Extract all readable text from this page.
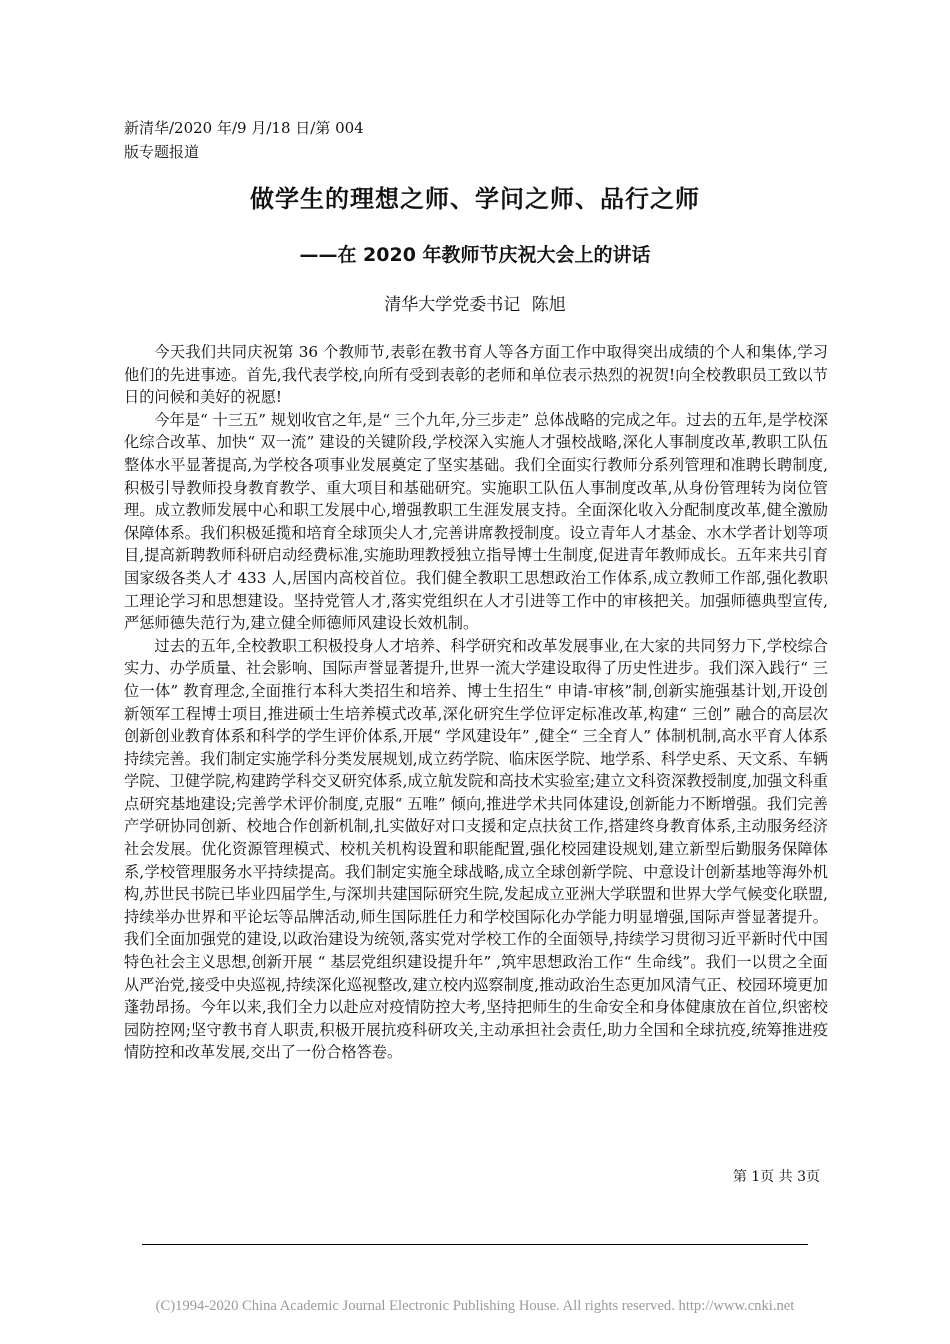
新清华/2020 年/9 月/18 日/第 004
版专题报道
做学生的理想之师、学问之师、品行之师
——在 2020 年教师节庆祝大会上的讲话
清华大学党委书记 陈旭

今天我们共同庆祝第 36 个教师节,表彰在教书育人等各方面工作中取得突出成绩的个人和集体,学习他们的先进事迹。首先,我代表学校,向所有受到表彰的老师和单位表示热烈的祝贺!向全校教职员工致以节日的问候和美好的祝愿!

今年是“ 十三五” 规划收官之年,是“ 三个九年,分三步走” 总体战略的完成之年。过去的五年,是学校深化综合改革、加快“ 双一流” 建设的关键阶段,学校深入实施人才强校战略,深化人事制度改革,教职工队伍整体水平显著提高,为学校各项事业发展奠定了坚实基础。我们全面实行教师分系列管理和准聘长聘制度,积极引导教师投身教育教学、重大项目和基础研究。实施职工队伍人事制度改革,从身份管理转为岗位管理。成立教师发展中心和职工发展中心,增强教职工生涯发展支持。全面深化收入分配制度改革,健全激励保障体系。我们积极延揽和培育全球顶尖人才,完善讲席教授制度。设立青年人才基金、水木学者计划等项目,提高新聘教师科研启动经费标准,实施助理教授独立指导博士生制度,促进青年教师成长。五年来共引育国家级各类人才 433 人,居国内高校首位。我们健全教职工思想政治工作体系,成立教师工作部,强化教职工理论学习和思想建设。坚持党管人才,落实党组织在人才引进等工作中的审核把关。加强师德典型宣传,严惩师德失范行为,建立健全师德师风建设长效机制。

过去的五年,全校教职工积极投身人才培养、科学研究和改革发展事业,在大家的共同努力下,学校综合实力、办学质量、社会影响、国际声誉显著提升,世界一流大学建设取得了历史性进步。我们深入践行“ 三位一体” 教育理念,全面推行本科大类招生和培养、博士生招生“ 申请-审核”制,创新实施强基计划,开设创新领军工程博士项目,推进硕士生培养模式改革,深化研究生学位评定标准改革,构建“ 三创” 融合的高层次创新创业教育体系和科学的学生评价体系,开展“ 学风建设年” ,健全“ 三全育人” 体制机制,高水平育人体系持续完善。我们制定实施学科分类发展规划,成立药学院、临床医学院、地学系、科学史系、天文系、车辆学院、卫健学院,构建跨学科交叉研究体系,成立航发院和高技术实验室;建立文科资深教授制度,加强文科重点研究基地建设;完善学术评价制度,克服“ 五唯” 倾向,推进学术共同体建设,创新能力不断增强。我们完善产学研协同创新、校地合作创新机制,扎实做好对口支援和定点扶贫工作,搭建终身教育体系,主动服务经济社会发展。优化资源管理模式、校机关机构设置和职能配置,强化校园建设规划,建立新型后勤服务保障体系,学校管理服务水平持续提高。我们制定实施全球战略,成立全球创新学院、中意设计创新基地等海外机构,苏世民书院已毕业四届学生,与深圳共建国际研究生院,发起成立亚洲大学联盟和世界大学气候变化联盟,持续举办世界和平论坛等品牌活动,师生国际胜任力和学校国际化办学能力明显增强,国际声誉显著提升。我们全面加强党的建设,以政治建设为统领,落实党对学校工作的全面领导,持续学习贯彻习近平新时代中国特色社会主义思想,创新开展 “ 基层党组织建设提升年” ,筑牢思想政治工作“ 生命线”。我们一以贯之全面从严治党,接受中央巡视,持续深化巡视整改,建立校内巡察制度,推动政治生态更加风清气正、校园环境更加蓬勃昂扬。今年以来,我们全力以赴应对疫情防控大考,坚持把师生的生命安全和身体健康放在首位,织密校园防控网;坚守教书育人职责,积极开展抗疫科研攻关,主动承担社会责任,助力全国和全球抗疫,统筹推进疫情防控和改革发展,交出了一份合格答卷。

第 1页 共 3页
(C)1994-2020 China Academic Journal Electronic Publishing House. All rights reserved. http://www.cnki.net
